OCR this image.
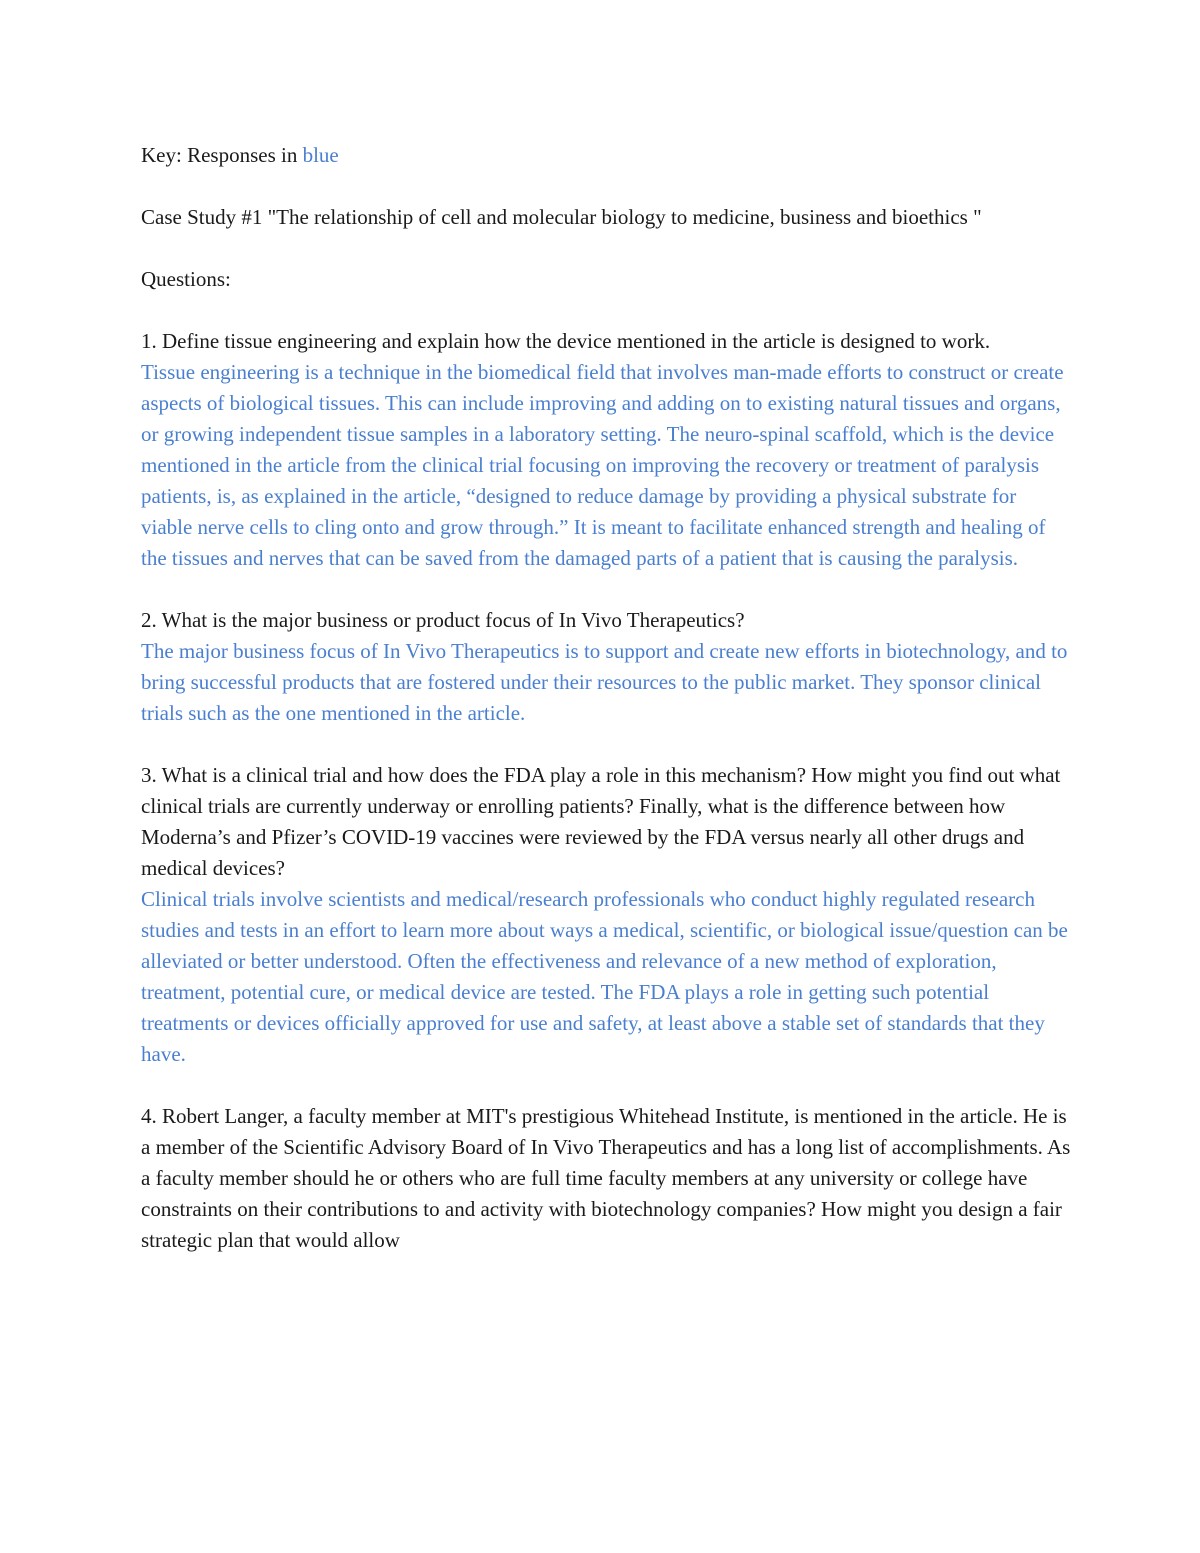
Key: Responses in blue

Case Study #1 "The relationship of cell and molecular biology to medicine, business and bioethics "

Questions:

1. Define tissue engineering and explain how the device mentioned in the article is designed to work.

Tissue engineering is a technique in the biomedical field that involves man-made efforts to construct or create aspects of biological tissues. This can include improving and adding on to existing natural tissues and organs, or growing independent tissue samples in a laboratory setting. The neuro-spinal scaffold, which is the device mentioned in the article from the clinical trial focusing on improving the recovery or treatment of paralysis patients, is, as explained in the article, “designed to reduce damage by providing a physical substrate for viable nerve cells to cling onto and grow through.” It is meant to facilitate enhanced strength and healing of the tissues and nerves that can be saved from the damaged parts of a patient that is causing the paralysis.

2. What is the major business or product focus of In Vivo Therapeutics?

The major business focus of In Vivo Therapeutics is to support and create new efforts in biotechnology, and to bring successful products that are fostered under their resources to the public market. They sponsor clinical trials such as the one mentioned in the article.

3. What is a clinical trial and how does the FDA play a role in this mechanism? How might you find out what clinical trials are currently underway or enrolling patients? Finally, what is the difference between how Moderna’s and Pfizer’s COVID-19 vaccines were reviewed by the FDA versus nearly all other drugs and medical devices?

Clinical trials involve scientists and medical/research professionals who conduct highly regulated research studies and tests in an effort to learn more about ways a medical, scientific, or biological issue/question can be alleviated or better understood. Often the effectiveness and relevance of a new method of exploration, treatment, potential cure, or medical device are tested. The FDA plays a role in getting such potential treatments or devices officially approved for use and safety, at least above a stable set of standards that they have.

4. Robert Langer, a faculty member at MIT's prestigious Whitehead Institute, is mentioned in the article. He is a member of the Scientific Advisory Board of In Vivo Therapeutics and has a long list of accomplishments. As a faculty member should he or others who are full time faculty members at any university or college have constraints on their contributions to and activity with biotechnology companies? How might you design a fair strategic plan that would allow
